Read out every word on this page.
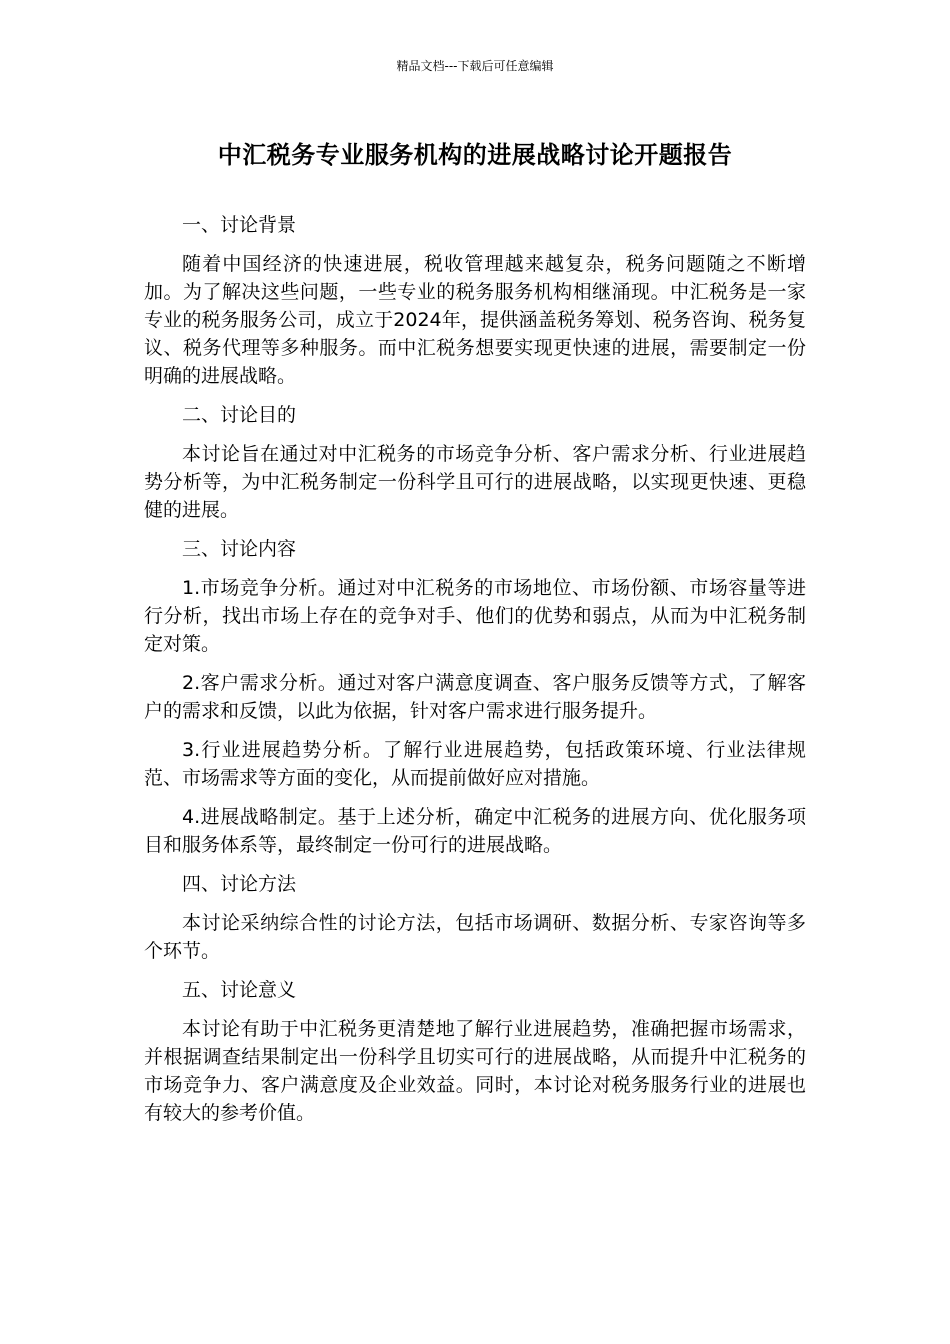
精品文档---下载后可任意编辑
中汇税务专业服务机构的进展战略讨论开题报告
一、讨论背景

随着中国经济的快速进展，税收管理越来越复杂，税务问题随之不断增加。为了解决这些问题，一些专业的税务服务机构相继涌现。中汇税务是一家专业的税务服务公司，成立于2024年，提供涵盖税务筹划、税务咨询、税务复议、税务代理等多种服务。而中汇税务想要实现更快速的进展，需要制定一份明确的进展战略。

二、讨论目的

本讨论旨在通过对中汇税务的市场竞争分析、客户需求分析、行业进展趋势分析等，为中汇税务制定一份科学且可行的进展战略，以实现更快速、更稳健的进展。

三、讨论内容

1.市场竞争分析。通过对中汇税务的市场地位、市场份额、市场容量等进行分析，找出市场上存在的竞争对手、他们的优势和弱点，从而为中汇税务制定对策。

2.客户需求分析。通过对客户满意度调查、客户服务反馈等方式，了解客户的需求和反馈，以此为依据，针对客户需求进行服务提升。

3.行业进展趋势分析。了解行业进展趋势，包括政策环境、行业法律规范、市场需求等方面的变化，从而提前做好应对措施。

4.进展战略制定。基于上述分析，确定中汇税务的进展方向、优化服务项目和服务体系等，最终制定一份可行的进展战略。

四、讨论方法

本讨论采纳综合性的讨论方法，包括市场调研、数据分析、专家咨询等多个环节。

五、讨论意义

本讨论有助于中汇税务更清楚地了解行业进展趋势，准确把握市场需求，并根据调查结果制定出一份科学且切实可行的进展战略，从而提升中汇税务的市场竞争力、客户满意度及企业效益。同时，本讨论对税务服务行业的进展也有较大的参考价值。
